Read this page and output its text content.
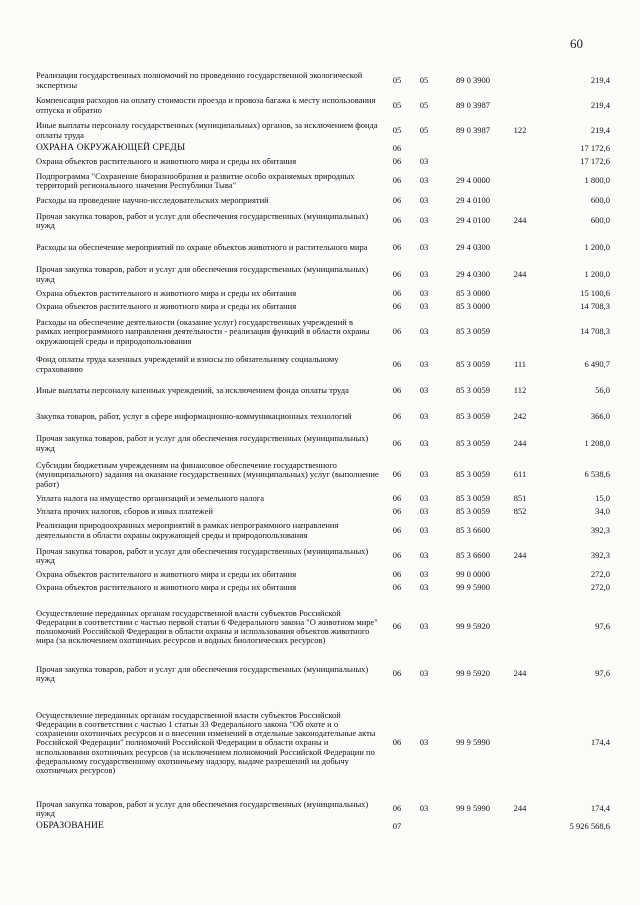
60
Реализация государственных полномочий по проведению государственной экологической экспертизы	05	05	89 0 3900		219,4
Компенсация расходов на оплату стоимости проезда и провоза багажа к месту использования отпуска и обратно	05	05	89 0 3987		219,4
Иные выплаты персоналу государственных (муниципальных) органов, за исключением фонда оплаты труда	05	05	89 0 3987	122	219,4
ОХРАНА ОКРУЖАЮЩЕЙ СРЕДЫ	06				17 172,6
Охрана объектов растительного и животного мира и среды их обитания	06	03			17 172,6
Подпрограмма "Сохранение биоразнообразия и развитие особо охраняемых природных территорий регионального значения Республики Тыва"	06	03	29 4 0000		1 800,0
Расходы на проведение научно-исследовательских мероприятий	06	03	29 4 0100		600,0
Прочая закупка товаров, работ и услуг для обеспечения государственных (муниципальных) нужд	06	03	29 4 0100	244	600,0
Расходы на обеспечение мероприятий по охране объектов животного и растительного мира	06	03	29 4 0300		1 200,0
Прочая закупка товаров, работ и услуг для обеспечения государственных (муниципальных) нужд	06	03	29 4 0300	244	1 200,0
Охрана объектов растительного и животного мира и среды их обитания	06	03	85 3 0000		15 100,6
Охрана объектов растительного и животного мира и среды их обитания	06	03	85 3 0000		14 708,3
Расходы на обеспечение деятельности (оказание услуг) государственных учреждений в рамках непрограммного направления деятельности - реализация функций в области охраны окружающей среды и природопользования	06	03	85 3 0059		14 708,3
Фонд оплаты труда казенных учреждений и взносы по обязательному социальному страхованию	06	03	85 3 0059	111	6 490,7
Иные выплаты персоналу казенных учреждений, за исключением фонда оплаты труда	06	03	85 3 0059	112	56,0
Закупка товаров, работ, услуг в сфере информационно-коммуникационных технологий	06	03	85 3 0059	242	366,0
Прочая закупка товаров, работ и услуг для обеспечения государственных (муниципальных) нужд	06	03	85 3 0059	244	1 208,0
Субсидии бюджетным учреждениям на финансовое обеспечение государственного (муниципального) задания на оказание государственных (муниципальных) услуг (выполнение работ)	06	03	85 3 0059	611	6 538,6
Уплата налога на имущество организаций и земельного налога	06	03	85 3 0059	851	15,0
Уплата прочих налогов, сборов и иных платежей	06	03	85 3 0059	852	34,0
Реализация природоохранных мероприятий в рамках непрограммного направления деятельности в области охраны окружающей среды и природопользования	06	03	85 3 6600		392,3
Прочая закупка товаров, работ и услуг для обеспечения государственных (муниципальных) нужд	06	03	85 3 6600	244	392,3
Охрана объектов растительного и животного мира и среды их обитания	06	03	99 0 0000		272,0
Охрана объектов растительного и животного мира и среды их обитания	06	03	99 9 5900		272,0
Осуществление переданных органам государственной власти субъектов Российской Федерации в соответствии с частью первой статьи 6 Федерального закона "О животном мире" полномочий Российской Федерации в области охраны и использования объектов животного мира (за исключением охотничьих ресурсов и водных биологических ресурсов)	06	03	99 9 5920		97,6
Прочая закупка товаров, работ и услуг для обеспечения государственных (муниципальных) нужд	06	03	99 9 5920	244	97,6
Осуществление переданных органам государственной власти субъектов Российской Федерации в соответствии с частью 1 статьи 33 Федерального закона "Об охоте и о сохранении охотничьих ресурсов и о внесении изменений в отдельные законодательные акты Российской Федерации" полномочий Российской Федерации в области охраны и использования охотничьих ресурсов (за исключением полномочий Российской Федерации по федеральному государственному охотничьему надзору, выдаче разрешений на добычу охотничьих ресурсов)	06	03	99 9 5990		174,4
Прочая закупка товаров, работ и услуг для обеспечения государственных (муниципальных) нужд	06	03	99 9 5990	244	174,4
ОБРАЗОВАНИЕ	07				5 926 568,6
